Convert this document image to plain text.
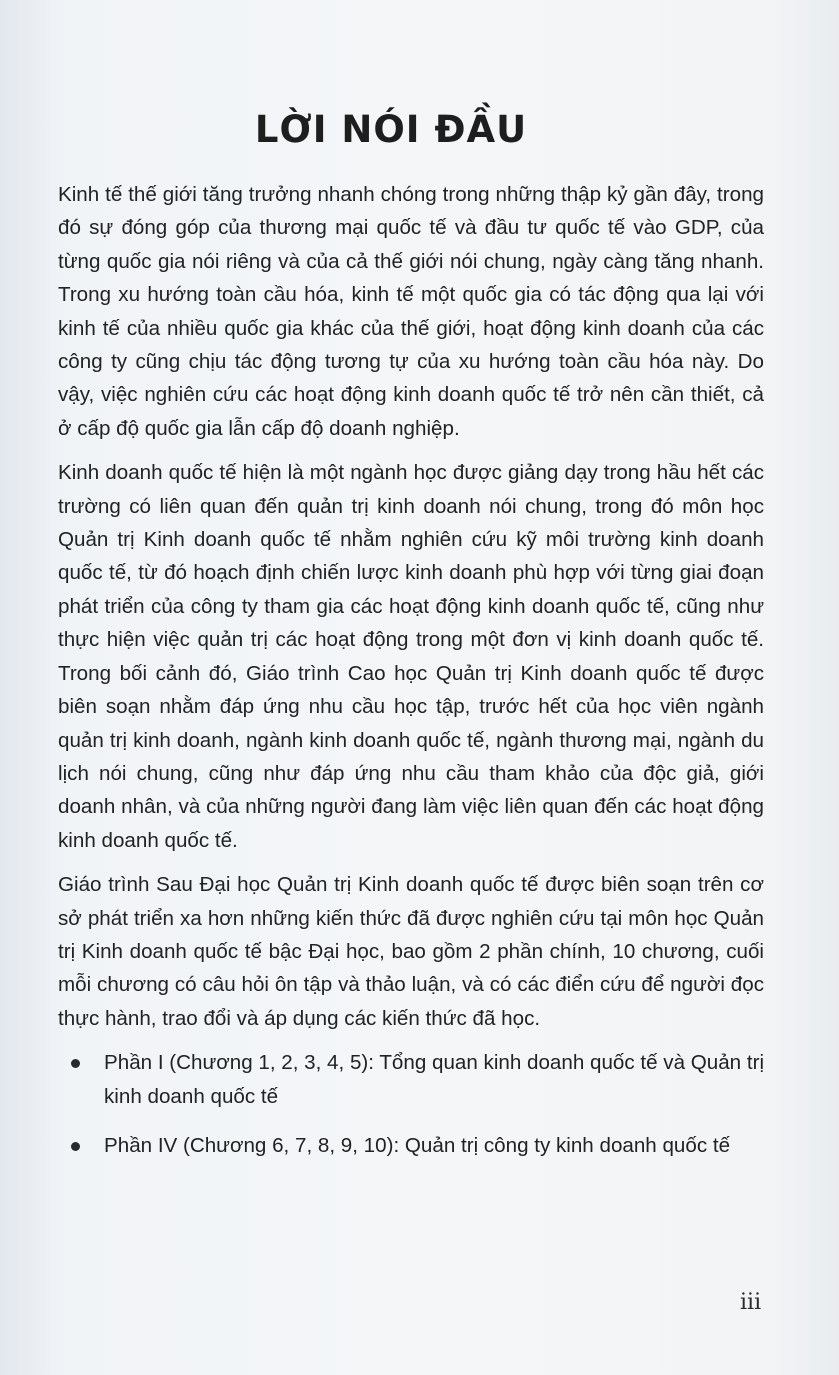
LỜI NÓI ĐẦU

Kinh tế thế giới tăng trưởng nhanh chóng trong những thập kỷ gần đây, trong đó sự đóng góp của thương mại quốc tế và đầu tư quốc tế vào GDP, của từng quốc gia nói riêng và của cả thế giới nói chung, ngày càng tăng nhanh. Trong xu hướng toàn cầu hóa, kinh tế một quốc gia có tác động qua lại với kinh tế của nhiều quốc gia khác của thế giới, hoạt động kinh doanh của các công ty cũng chịu tác động tương tự của xu hướng toàn cầu hóa này. Do vậy, việc nghiên cứu các hoạt động kinh doanh quốc tế trở nên cần thiết, cả ở cấp độ quốc gia lẫn cấp độ doanh nghiệp.

Kinh doanh quốc tế hiện là một ngành học được giảng dạy trong hầu hết các trường có liên quan đến quản trị kinh doanh nói chung, trong đó môn học Quản trị Kinh doanh quốc tế nhằm nghiên cứu kỹ môi trường kinh doanh quốc tế, từ đó hoạch định chiến lược kinh doanh phù hợp với từng giai đoạn phát triển của công ty tham gia các hoạt động kinh doanh quốc tế, cũng như thực hiện việc quản trị các hoạt động trong một đơn vị kinh doanh quốc tế. Trong bối cảnh đó, Giáo trình Cao học Quản trị Kinh doanh quốc tế được biên soạn nhằm đáp ứng nhu cầu học tập, trước hết của học viên ngành quản trị kinh doanh, ngành kinh doanh quốc tế, ngành thương mại, ngành du lịch nói chung, cũng như đáp ứng nhu cầu tham khảo của độc giả, giới doanh nhân, và của những người đang làm việc liên quan đến các hoạt động kinh doanh quốc tế.

Giáo trình Sau Đại học Quản trị Kinh doanh quốc tế được biên soạn trên cơ sở phát triển xa hơn những kiến thức đã được nghiên cứu tại môn học Quản trị Kinh doanh quốc tế bậc Đại học, bao gồm 2 phần chính, 10 chương, cuối mỗi chương có câu hỏi ôn tập và thảo luận, và có các điển cứu để người đọc thực hành, trao đổi và áp dụng các kiến thức đã học.

Phần I (Chương 1, 2, 3, 4, 5): Tổng quan kinh doanh quốc tế và Quản trị kinh doanh quốc tế
Phần IV (Chương 6, 7, 8, 9, 10): Quản trị công ty kinh doanh quốc tế
iii
